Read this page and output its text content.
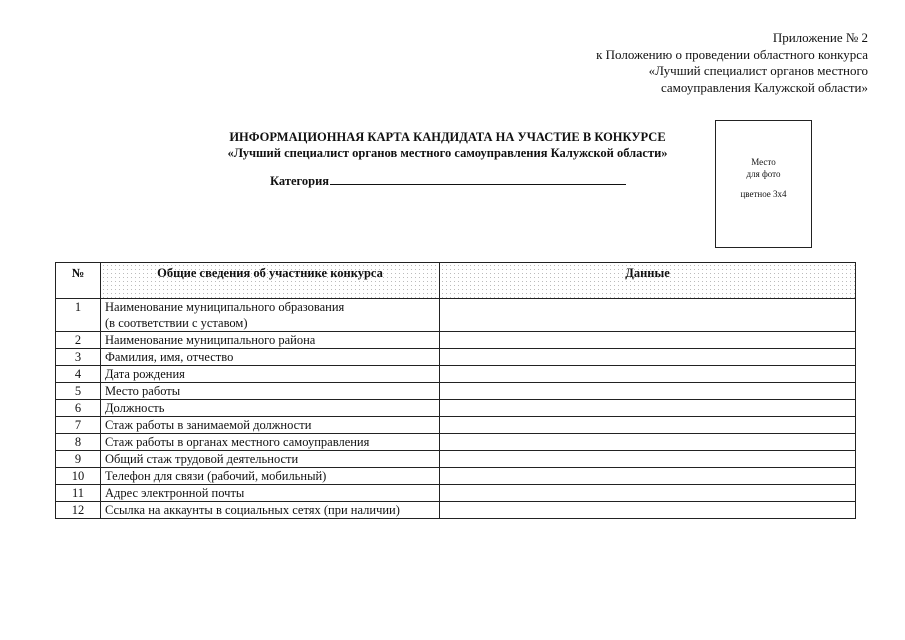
Приложение № 2
к Положению о проведении областного конкурса
«Лучший специалист органов местного
самоуправления Калужской области»
ИНФОРМАЦИОННАЯ КАРТА КАНДИДАТА НА УЧАСТИЕ В КОНКУРСЕ
«Лучший специалист органов местного самоуправления Калужской области»
Категория
Место
для фото
цветное 3х4
№	Общие сведения об участнике конкурса	Данные
1	Наименование муниципального образования
(в соответствии с уставом)	

2	Наименование муниципального района	
3	Фамилия, имя, отчество	
4	Дата рождения	
5	Место работы	
6	Должность	
7	Стаж работы в занимаемой должности	
8	Стаж работы в органах местного самоуправления	
9	Общий стаж трудовой деятельности	
10	Телефон для связи (рабочий, мобильный)	
11	Адрес электронной почты	
12	Ссылка на аккаунты в социальных сетях (при наличии)	
